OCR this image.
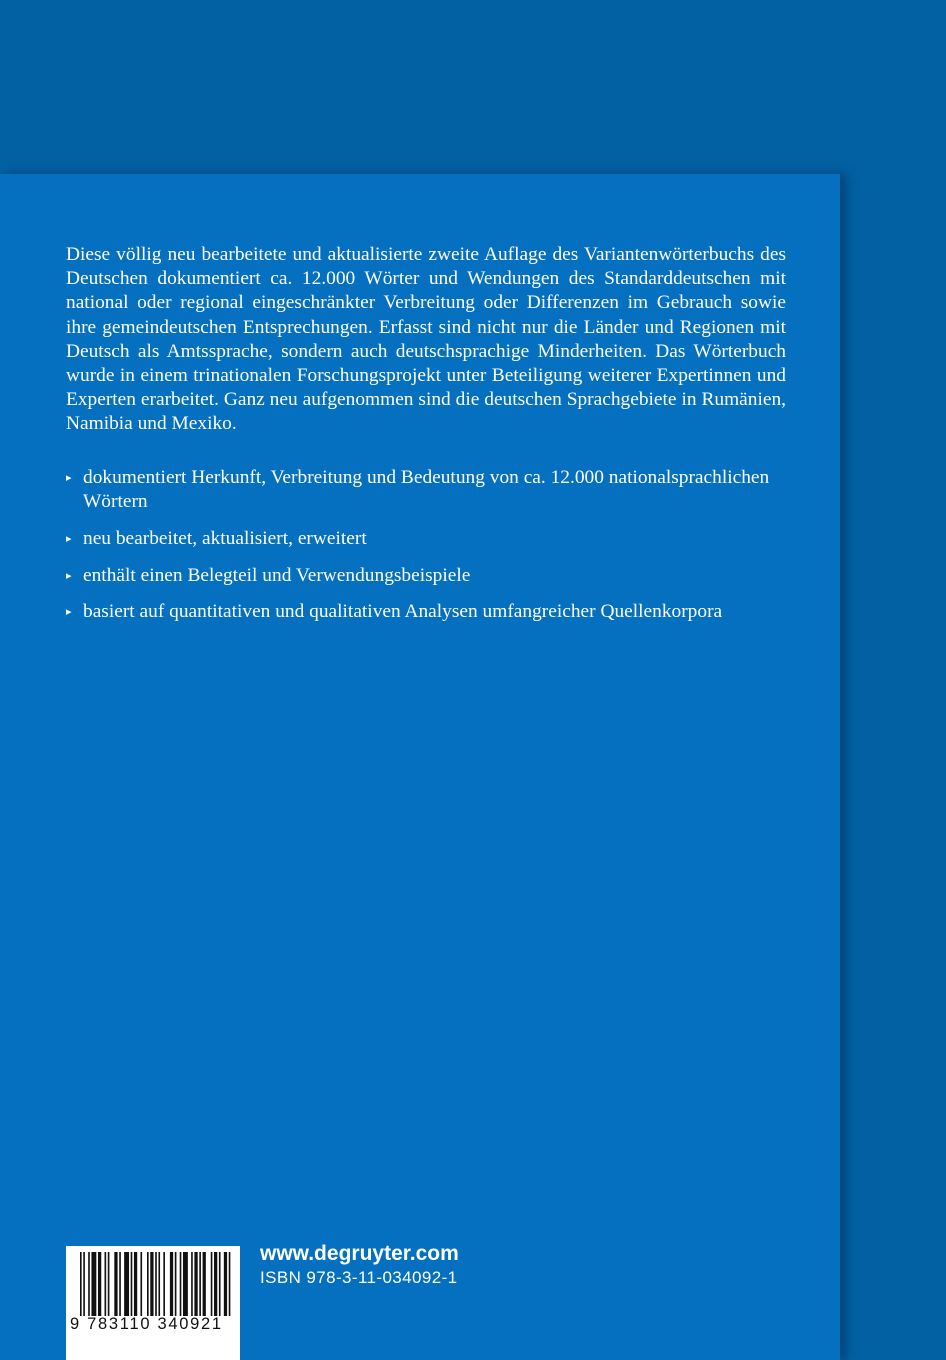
Diese völlig neu bearbeitete und aktualisierte zweite Auflage des Variantenwörterbuchs des Deutschen dokumentiert ca. 12.000 Wörter und Wendungen des Standarddeutschen mit national oder regional eingeschränkter Verbreitung oder Differenzen im Gebrauch sowie ihre gemeindeutschen Entsprechungen. Erfasst sind nicht nur die Länder und Regionen mit Deutsch als Amtssprache, sondern auch deutschsprachige Minderheiten. Das Wörterbuch wurde in einem trinationalen Forschungsprojekt unter Beteiligung weiterer Expertinnen und Experten erarbeitet. Ganz neu aufgenommen sind die deutschen Sprachgebiete in Rumänien, Namibia und Mexiko.

▸ dokumentiert Herkunft, Verbreitung und Bedeutung von ca. 12.000 nationalsprachlichen Wörtern
▸ neu bearbeitet, aktualisiert, erweitert
▸ enthält einen Belegteil und Verwendungsbeispiele
▸ basiert auf quantitativen und qualitativen Analysen umfangreicher Quellenkorpora
9 783110 340921
www.degruyter.com
ISBN 978-3-11-034092-1
